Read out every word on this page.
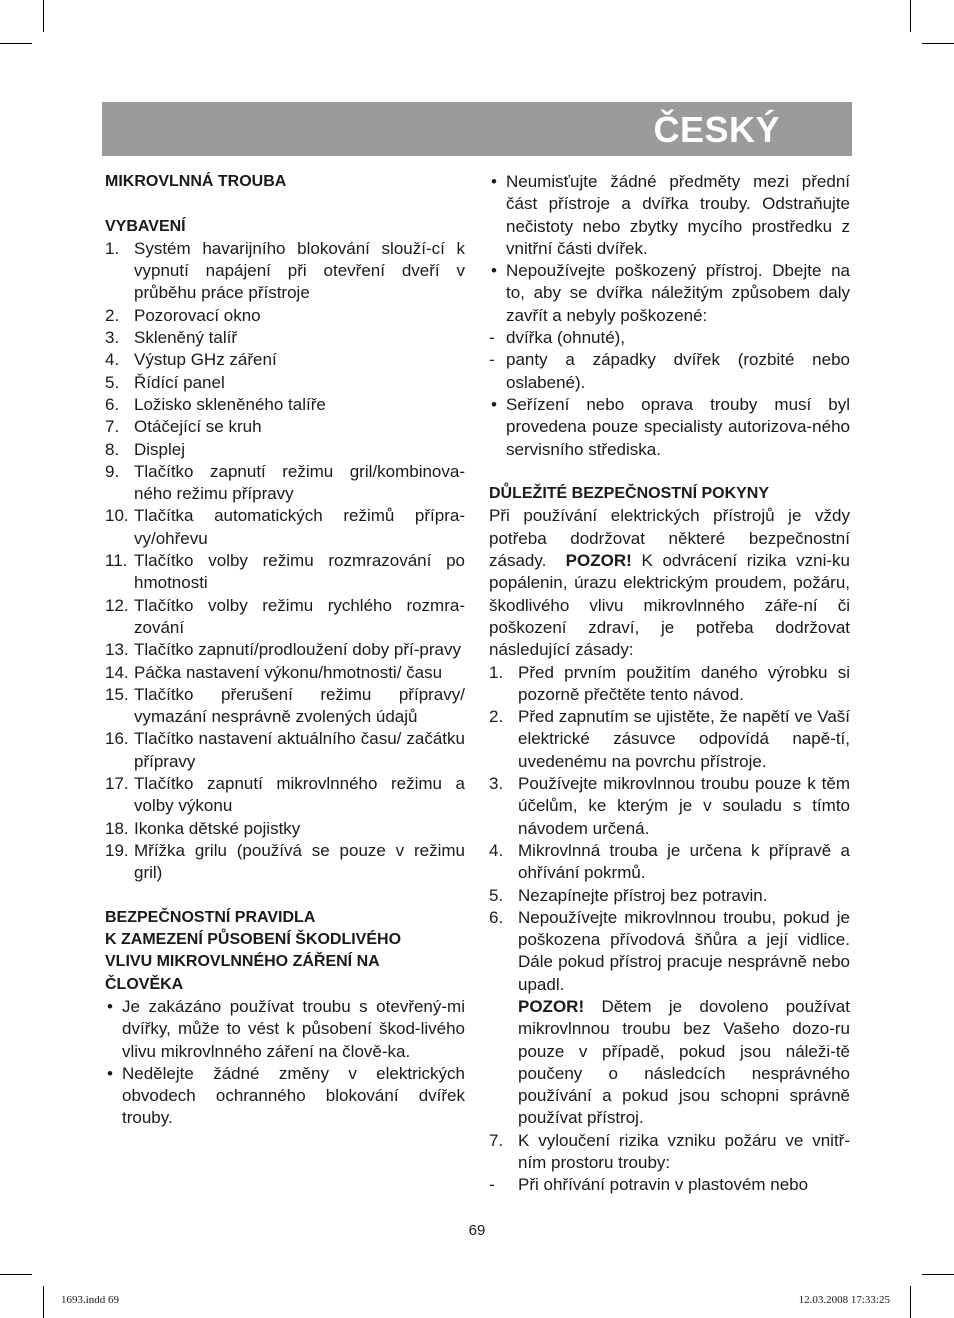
ČESKÝ
MIKROVLNNÁ TROUBA
VYBAVENÍ
1. Systém havarijního blokování slouží-cí k vypnutí napájení při otevření dveří v průběhu práce přístroje
2. Pozorovací okno
3. Skleněný talíř
4. Výstup GHz záření
5. Řídící panel
6. Ložisko skleněného talíře
7. Otáčející se kruh
8. Displej
9. Tlačítko zapnutí režimu gril/kombinova-ného režimu přípravy
10. Tlačítka automatických režimů přípra-vy/ohřevu
11. Tlačítko volby režimu rozmrazování po hmotnosti
12. Tlačítko volby režimu rychlého rozmra-zování
13. Tlačítko zapnutí/prodloužení doby pří-pravy
14. Páčka nastavení výkonu/hmotnosti/ času
15. Tlačítko přerušení režimu přípravy/ vymazání nesprávně zvolených údajů
16. Tlačítko nastavení aktuálního času/ začátku přípravy
17. Tlačítko zapnutí mikrovlnného režimu a volby výkonu
18. Ikonka dětské pojistky
19. Mřížka grilu (používá se pouze v režimu gril)
BEZPEČNOSTNÍ PRAVIDLA
K ZAMEZENÍ PŮSOBENÍ ŠKODLIVÉHO
VLIVU MIKROVLNNÉHO ZÁŘENÍ NA
ČLOVĚKA
• Je zakázáno používat troubu s otevřený-mi dvířky, může to vést k působení škod-livého vlivu mikrovlnného záření na člově-ka.
• Nedělejte žádné změny v elektrických obvodech ochranného blokování dvířek trouby.
• Neumisťujte žádné předměty mezi přední část přístroje a dvířka trouby. Odstraňujte nečistoty nebo zbytky mycího prostředku z vnitřní části dvířek.
• Nepoužívejte poškozený přístroj. Dbejte na to, aby se dvířka náležitým způsobem daly zavřít a nebyly poškozené:
- dvířka (ohnuté),
- panty a západky dvířek (rozbité nebo oslabené).
• Seřízení nebo oprava trouby musí byl provedena pouze specialisty autorizova-ného servisního střediska.
DŮLEŽITÉ BEZPEČNOSTNÍ POKYNY
Při používání elektrických přístrojů je vždy potřeba dodržovat některé bezpečnostní zásady. POZOR! K odvrácení rizika vzni-ku popálenin, úrazu elektrickým proudem, požáru, škodlivého vlivu mikrovlnného záře-ní či poškození zdraví, je potřeba dodržovat následující zásady:
1. Před prvním použitím daného výrobku si pozorně přečtěte tento návod.
2. Před zapnutím se ujistěte, že napětí ve Vaší elektrické zásuvce odpovídá napě-tí, uvedenému na povrchu přístroje.
3. Používejte mikrovlnnou troubu pouze k těm účelům, ke kterým je v souladu s tímto návodem určená.
4. Mikrovlnná trouba je určena k přípravě a ohřívání pokrmů.
5. Nezapínejte přístroj bez potravin.
6. Nepoužívejte mikrovlnnou troubu, pokud je poškozena přívodová šňůra a její vidlice. Dále pokud přístroj pracuje nesprávně nebo upadl.
POZOR! Dětem je dovoleno používat mikrovlnnou troubu bez Vašeho dozo-ru pouze v případě, pokud jsou náleži-tě poučeny o následcích nesprávného používání a pokud jsou schopni správně používat přístroj.
7. K vyloučení rizika vzniku požáru ve vnitř-ním prostoru trouby:
-	Při ohřívání potravin v plastovém nebo
69
1693.indd 69	12.03.2008 17:33:25
